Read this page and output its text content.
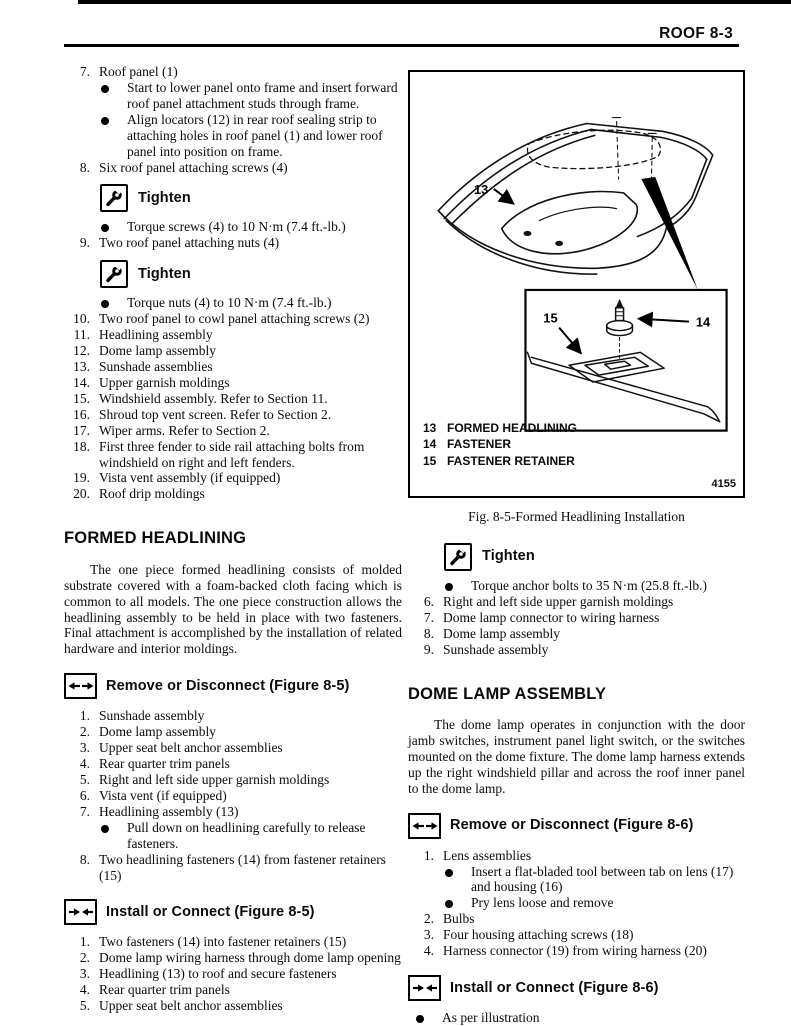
ROOF 8-3
7. Roof panel (1)
Start to lower panel onto frame and insert forward roof panel attachment studs through frame.
Align locators (12) in rear roof sealing strip to attaching holes in roof panel (1) and lower roof panel into position on frame.
8. Six roof panel attaching screws (4)
Tighten
Torque screws (4) to 10 N·m (7.4 ft.-lb.)
9. Two roof panel attaching nuts (4)
Tighten
Torque nuts (4) to 10 N·m (7.4 ft.-lb.)
10. Two roof panel to cowl panel attaching screws (2)
11. Headlining assembly
12. Dome lamp assembly
13. Sunshade assemblies
14. Upper garnish moldings
15. Windshield assembly. Refer to Section 11.
16. Shroud top vent screen. Refer to Section 2.
17. Wiper arms. Refer to Section 2.
18. First three fender to side rail attaching bolts from windshield on right and left fenders.
19. Vista vent assembly (if equipped)
20. Roof drip moldings
FORMED HEADLINING

The one piece formed headlining consists of molded substrate covered with a foam-backed cloth facing which is common to all models. The one piece construction allows the headlining assembly to be held in place with two fasteners. Final attachment is accomplished by the installation of related hardware and interior moldings.

Remove or Disconnect (Figure 8-5)
1. Sunshade assembly
2. Dome lamp assembly
3. Upper seat belt anchor assemblies
4. Rear quarter trim panels
5. Right and left side upper garnish moldings
6. Vista vent (if equipped)
7. Headlining assembly (13)
Pull down on headlining carefully to release fasteners.
8. Two headlining fasteners (14) from fastener retainers (15)
Install or Connect (Figure 8-5)
1. Two fasteners (14) into fastener retainers (15)
2. Dome lamp wiring harness through dome lamp opening
3. Headlining (13) to roof and secure fasteners
4. Rear quarter trim panels
5. Upper seat belt anchor assemblies
13
14
15
13 FORMED HEADLINING
14 FASTENER
15 FASTENER RETAINER
4155
Fig. 8-5-Formed Headlining Installation
Tighten
Torque anchor bolts to 35 N·m (25.8 ft.-lb.)
6. Right and left side upper garnish moldings
7. Dome lamp connector to wiring harness
8. Dome lamp assembly
9. Sunshade assembly
DOME LAMP ASSEMBLY

The dome lamp operates in conjunction with the door jamb switches, instrument panel light switch, or the switches mounted on the dome fixture. The dome lamp harness extends up the right windshield pillar and across the roof inner panel to the dome lamp.

Remove or Disconnect (Figure 8-6)
1. Lens assemblies
Insert a flat-bladed tool between tab on lens (17) and housing (16)
Pry lens loose and remove
2. Bulbs
3. Four housing attaching screws (18)
4. Harness connector (19) from wiring harness (20)
Install or Connect (Figure 8-6)
As per illustration
